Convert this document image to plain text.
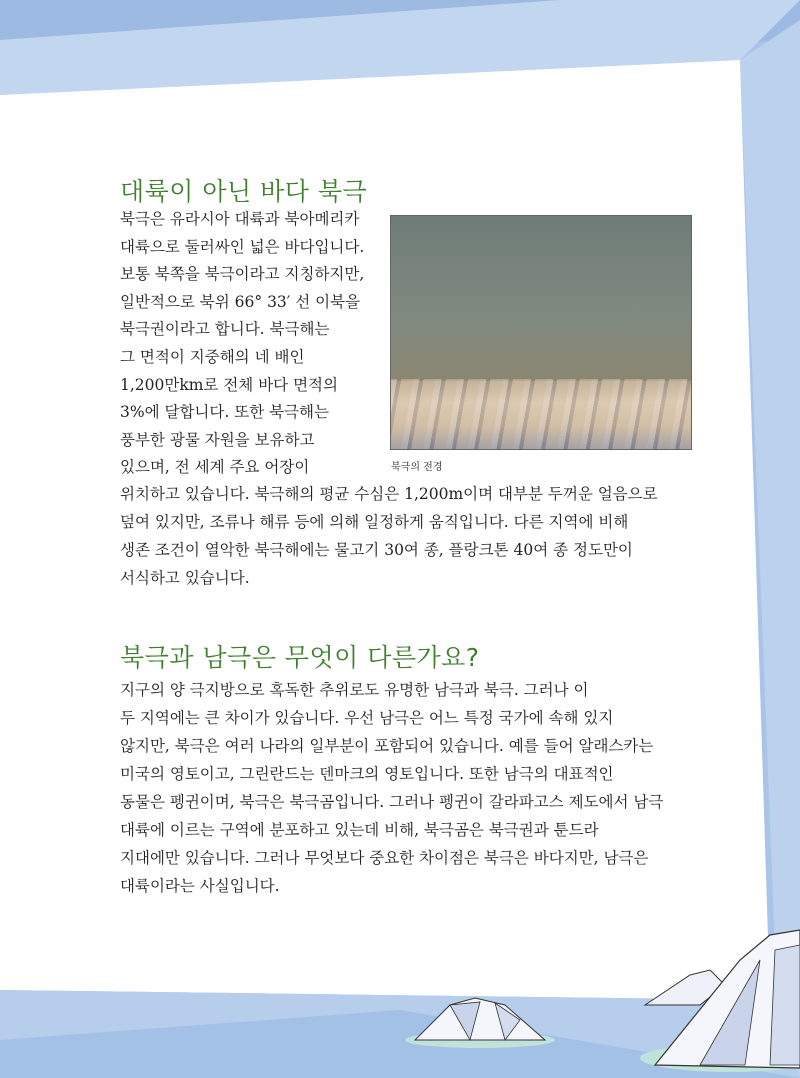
대륙이 아닌 바다 북극
북극은 유라시아 대륙과 북아메리카
대륙으로 둘러싸인 넓은 바다입니다.
보통 북쪽을 북극이라고 지칭하지만,
일반적으로 북위 66° 33′ 선 이북을
북극권이라고 합니다. 북극해는
그 면적이 지중해의 네 배인
1,200만km로 전체 바다 면적의
3%에 달합니다. 또한 북극해는
풍부한 광물 자원을 보유하고
있으며, 전 세계 주요 어장이	북극의 전경
위치하고 있습니다. 북극해의 평균 수심은 1,200m이며 대부분 두꺼운 얼음으로
덮여 있지만, 조류나 해류 등에 의해 일정하게 움직입니다. 다른 지역에 비해
생존 조건이 열악한 북극해에는 물고기 30여 종, 플랑크톤 40여 종 정도만이
서식하고 있습니다.
북극과 남극은 무엇이 다른가요?
지구의 양 극지방으로 혹독한 추위로도 유명한 남극과 북극. 그러나 이
두 지역에는 큰 차이가 있습니다. 우선 남극은 어느 특정 국가에 속해 있지
않지만, 북극은 여러 나라의 일부분이 포함되어 있습니다. 예를 들어 알래스카는
미국의 영토이고, 그린란드는 덴마크의 영토입니다. 또한 남극의 대표적인
동물은 펭귄이며, 북극은 북극곰입니다. 그러나 펭귄이 갈라파고스 제도에서 남극
대륙에 이르는 구역에 분포하고 있는데 비해, 북극곰은 북극권과 툰드라
지대에만 있습니다. 그러나 무엇보다 중요한 차이점은 북극은 바다지만, 남극은
대륙이라는 사실입니다.
